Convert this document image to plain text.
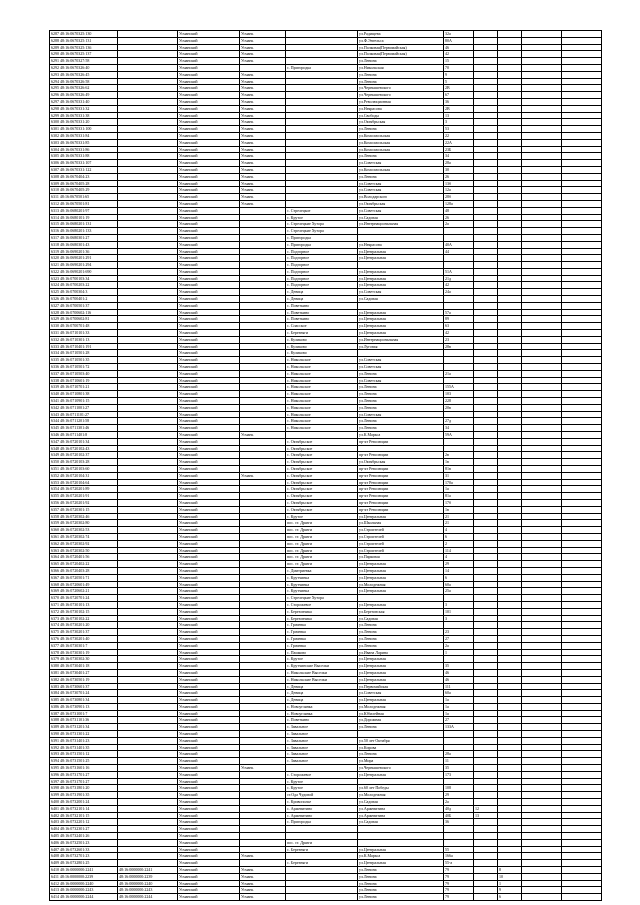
6287 48:16:0670325:130		Усманский	Усмань		ул.Радищева	32а				
6288 48:16:0670325:131		Усманский	Усмань		ул.Ф.Энгельса	80А				
6289 48:16:0670325:136		Усманский	Усмань		ул.Полковая(Первомайская)	46				
6290 48:16:0670325:137		Усманский	Усмань		ул.Полковая(Первомайская)	42				
6291 48:16:0670327:58		Усманский	Усмань		ул.Ленина	15				
6292 48:16:0670326:40		Усманский		с. Пригородка	ул.Никольская	70				
6293 48:16:0670326:45		Усманский	Усмань		ул.Ленина	9				
6294 48:16:0670326:58		Усманский	Усмань		ул.Ленина	5				
6295 48:16:0670326:62		Усманский	Усмань		ул.Чернышевского	2В				
6296 48:16:0670326:49		Усманский	Усмань		ул.Чернышевского	67				
6297 48:16:0670331:40		Усманский	Усмань		ул.Революционная	36				
6298 48:16:0670331:32		Усманский	Усмань		ул.Некрасова	2В				
6299 48:16:0670331:38		Усманский	Усмань		ул.Свободы	13				
6300 48:16:0670331:20		Усманский	Усмань		ул.Октябрьская	3				
6301 48:16:0670331:100		Усманский	Усмань		ул.Ленина	53				
6302 48:16:0670331:84		Усманский	Усмань		ул.Комсомольская	22				
6303 48:16:0670331:85		Усманский	Усмань		ул.Комсомольская	22А				
6304 48:16:0670331:86		Усманский	Усмань		ул.Комсомольская	23Б				
6305 48:16:0670331:88		Усманский	Усмань		ул.Ленина	34				
6306 48:16:0670331:107		Усманский	Усмань		ул.Советская	28а				
6307 48:16:0670331:122		Усманский	Усмань		ул.Комсомольская	30				
6308 48:16:0670404:23		Усманский	Усмань		ул.Ленина	26				
6309 48:16:0670405:28		Усманский	Усмань		ул.Советская	13б				
6310 48:16:0670405:29		Усманский	Усмань		ул.Советская	12а				
6311 48:16:0670501:65		Усманский	Усмань		ул.Володарского	28б				
6312 48:16:0670501:81		Усманский	Усмань		ул.Октябрьская	128а				
6313 48:16:0680201:97		Усманский		с. Стрелецкое	ул.Советская	48				
6314 48:16:0680101:19		Усманский		с. Крутое	ул.Садовая	26				
6315 48:16:0680201:131		Усманский		с. Стрелецкие Хутора	ул.Интернациональная	2а				
6316 48:16:0680201:133		Усманский		с. Стрелецкие Хутора						
6317 48:16:0680301:27		Усманский		с. Пригородка						
6318 48:16:0680301:43		Усманский		с. Пригородка	ул.Некрасова	40А				
6319 48:16:0690201:36		Усманский		с. Подгорное	ул.Центральная	44				
6320 48:16:0690201:291		Усманский		с. Подгорное	ул.Центральная					
6321 48:16:0690201:294		Усманский		с. Подгорное						
6322 48:16:0690201:690		Усманский		с. Подгорное	ул.Центральная	51А				
6323 48:16:0700103:34		Усманский		с. Подгорное	ул.Центральная	21д				
6324 48:16:0700203:22		Усманский		с. Подгорное	ул.Центральная	42				
6325 48:16:0700304:3		Усманский		с. Девица	ул.Советская	24а				
6326 48:16:0700401:2		Усманский		с. Девица	ул.Садовая					
6327 48:16:0700501:37		Усманский		с. Поветкино						
6328 48:16:0700602:116		Усманский		с. Поветкино	ул.Центральная	57а				
6329 48:16:0700602:81		Усманский		с. Поветкино	ул.Центральная	89				
6330 48:16:0700701:48		Усманский		с. Спасское	ул.Центральная	63				
6331 48:16:0710101:33		Усманский		с. Березняги	ул.Центральная	42				
6332 48:16:0710301:13		Усманский		с. Куликово	ул.Интернациональная	23				
6333 48:16:0710401:191		Усманский		с. Куликово	ул.Луговая	28в				
6334 48:16:0710501:28		Усманский		с. Куликово						
6335 48:16:0710501:35		Усманский		с. Никольское	ул.Советская					
6336 48:16:0710501:72		Усманский		с. Никольское	ул.Советская					
6337 48:16:0710503:40		Усманский		с. Никольское	ул.Ленина	21а				
6338 48:16:0710601:19		Усманский		с. Никольское	ул.Советская					
6339 48:16:0710701:21		Усманский		с. Никольское	ул.Ленина	155А				
6340 48:16:0710801:38		Усманский		с. Никольское	ул.Ленина	103				
6341 48:16:0710901:15		Усманский		с. Никольское	ул.Ленина	228				
6342 48:16:0711001:27		Усманский		с. Никольское	ул.Ленина	20в				
6343 48:16:0711101:27		Усманский		с. Никольское	ул.Советская					
6344 48:16:0711201:58		Усманский		с. Никольское	ул.Ленина	27д				
6345 48:16:0711301:46		Усманский		с. Никольское	ул.Ленина	34				
6346 48:16:0711401:8		Усманский	Усмань		ул.К.Маркса	59А				
6347 48:16:0720101:34		Усманский		с. Октябрьское	пр-кт Революции					
6348 48:16:0720102:43		Усманский		с. Октябрьское						
6349 48:16:0720102:37		Усманский		с. Октябрьское	пр-кт Революции	2в				
6350 48:16:0720103:28		Усманский		с. Октябрьское	ул.Октябрьская	1в				
6351 48:16:0720103:60		Усманский		с. Октябрьское	пр-кт Революции	81в				
6352 48:16:0720104:31		Усманский	Усмань	с. Октябрьское	пр-кт Революции	31				
6353 48:16:0720104:64		Усманский		с. Октябрьское	пр-кт Революции	170а				
6354 48:16:0720201:89		Усманский		с. Октябрьское	пр-кт Революции	1а				
6355 48:16:0720201:91		Усманский		с. Октябрьское	пр-кт Революции	81а				
6356 48:16:0720201:92		Усманский		с. Октябрьское	пр-кт Революции	17б				
6357 48:16:0720301:15		Усманский		с. Октябрьское	пр-кт Революции	1в				
6358 48:16:0720302:46		Усманский		с. Крутое	ул.Центральная	21				
6359 48:16:0720302:80		Усманский		пос. ст. Дрязги	ул.Школьная	21				
6360 48:16:0720302:53		Усманский		пос. ст. Дрязги	ул.Строителей	4				
6361 48:16:0720302:74		Усманский		пос. ст. Дрязги	ул.Строителей	6				
6362 48:16:0720302:92		Усманский		пос. ст. Дрязги	ул.Строителей	2				
6363 48:16:0720302:50		Усманский		пос. ст. Дрязги	ул.Строителей	114				
6364 48:16:0720401:56		Усманский		пос. ст. Дрязги	ул.Парковая	4				
6365 48:16:0720402:22		Усманский		пос. ст. Дрязги	ул.Центральная	29				
6366 48:16:0720403:28		Усманский		с. Дмитриевка	ул.Центральная	14				
6367 48:16:0720501:71		Усманский		с. Крутчинка	ул.Центральная	6				
6368 48:16:0720601:49		Усманский		с. Крутчинка	ул.Молодежная	60а				
6369 48:16:0720602:21		Усманский		с. Крутчинка	ул.Центральная	25а				
6370 48:16:0720701:24		Усманский		с. Стрелецкие Хутора						
6371 48:16:0730101:13		Усманский		с. Сторожевое	ул.Центральная	3				
6372 48:16:0730102:15		Усманский		с. Березовчика	ул.Березовская	101				
6373 48:16:0730102:22		Усманский		с. Березовчика	ул.Садовая	3				
6374 48:16:0730201:20		Усманский		с. Грачевка	ул.Ленина					
6375 48:16:0730201:37		Усманский		с. Грачевка	ул.Ленина	23				
6376 48:16:0730201:40		Усманский		с. Грачевка	ул.Ленина	27				
6377 48:16:0730301:7		Усманский		с. Грачевка	ул.Ленина	2а				
6378 48:16:0730301:19		Усманский		с. Пашково	ул.Ивана Ларина	1				
6379 48:16:0730302:30		Усманский		с. Крутое	ул.Центральная					
6380 48:16:0730401:18		Усманский		с. Крутчинские Выселки	ул.Центральная	35				
6381 48:16:0730401:27		Усманский		с. Никольские Выселки	ул.Центральная	46				
6382 48:16:0730501:19		Усманский		с. Никольские Выселки	ул.Центральная	46				
6383 48:16:0730601:37		Усманский		с. Девица	ул.Первомайская	111				
6384 48:16:0730701:24		Усманский		с. Девица	ул.Советская	60а				
6385 48:16:0730801:34		Усманский		с. Девица	ул.Центральная	1а				
6386 48:16:0730901:13		Усманский		с. Новоуглянка	ул.Молодежная	1а				
6387 48:16:0731001:7		Усманский		с. Новоуглянка	ул.Юбилейная	1а				
6388 48:16:0731101:36		Усманский		с. Поветкино	ул.Дорожная	27				
6389 48:16:0731201:34		Усманский		с. Завальное	ул.Ленина	133А				
6390 48:16:0731301:22		Усманский		с. Завальное						
6391 48:16:0731401:23		Усманский		с. Завальное	ул.50 лет Октября					
6392 48:16:0731401:35		Усманский		с. Завальное	ул.Кирова					
6393 48:16:0731501:12		Усманский		с. Завальное	ул.Ленина	28а				
6394 48:16:0731501:25		Усманский		с. Завальное	ул.Мира	11				
6395 48:16:0731601:16		Усманский	Усмань		ул.Чернышевского	35				
6396 48:16:0731701:27		Усманский		с. Сторожевое	ул.Центральная	173				
6397 48:16:0731701:27		Усманский		с. Крутое						
6398 48:16:0731801:20		Усманский		с. Крутое	ул.60 лет Победы	108				
6399 48:16:0731901:35		Усманский		ст.Ода Чудовой	ул.Молодежная	29				
6400 48:16:0732001:24		Усманский		с. Кривополье	ул.Садовая	2а				
6401 48:16:0732101:14		Усманский		с. Аржевитино	ул.Аржевитина	40д	12			
6402 48:16:0732101:15		Усманский		с. Аржевитино	ул.Аржевитина	40Б	13			
6403 48:16:0732201:12		Усманский		с. Пригородка	ул.Садовая	36				
6404 48:16:0732301:27		Усманский								
6405 48:16:0732401:26		Усманский								
6406 48:16:0732501:23		Усманский		пос. ст. Дрязги						
6407 48:16:0732601:33		Усманский		с. Березняги	ул.Центральная	55				
6408 48:16:0732701:23		Усманский	Усмань		ул.К.Маркса	166а				
6409 48:16:0732801:25		Усманский		с. Березняги	ул.Центральная	55-а				
6410 48:16:0000000:2241	48:16:0000000:2241	Усманский	Усмань		ул.Ленина	79		8		
6411 48:16:0000000:2239	48:16:0000000:2239	Усманский	Усмань		ул.Ленина	79		10		
6412 48:16:0000000:2240	48:16:0000000:2240	Усманский	Усмань		ул.Ленина	79		1		
6413 48:16:0000000:2243	48:16:0000000:2243	Усманский	Усмань		ул.Ленина	79		9		
6414 48:16:0000000:2244	48:16:0000000:2244	Усманский	Усмань		ул.Ленина	79		6		
